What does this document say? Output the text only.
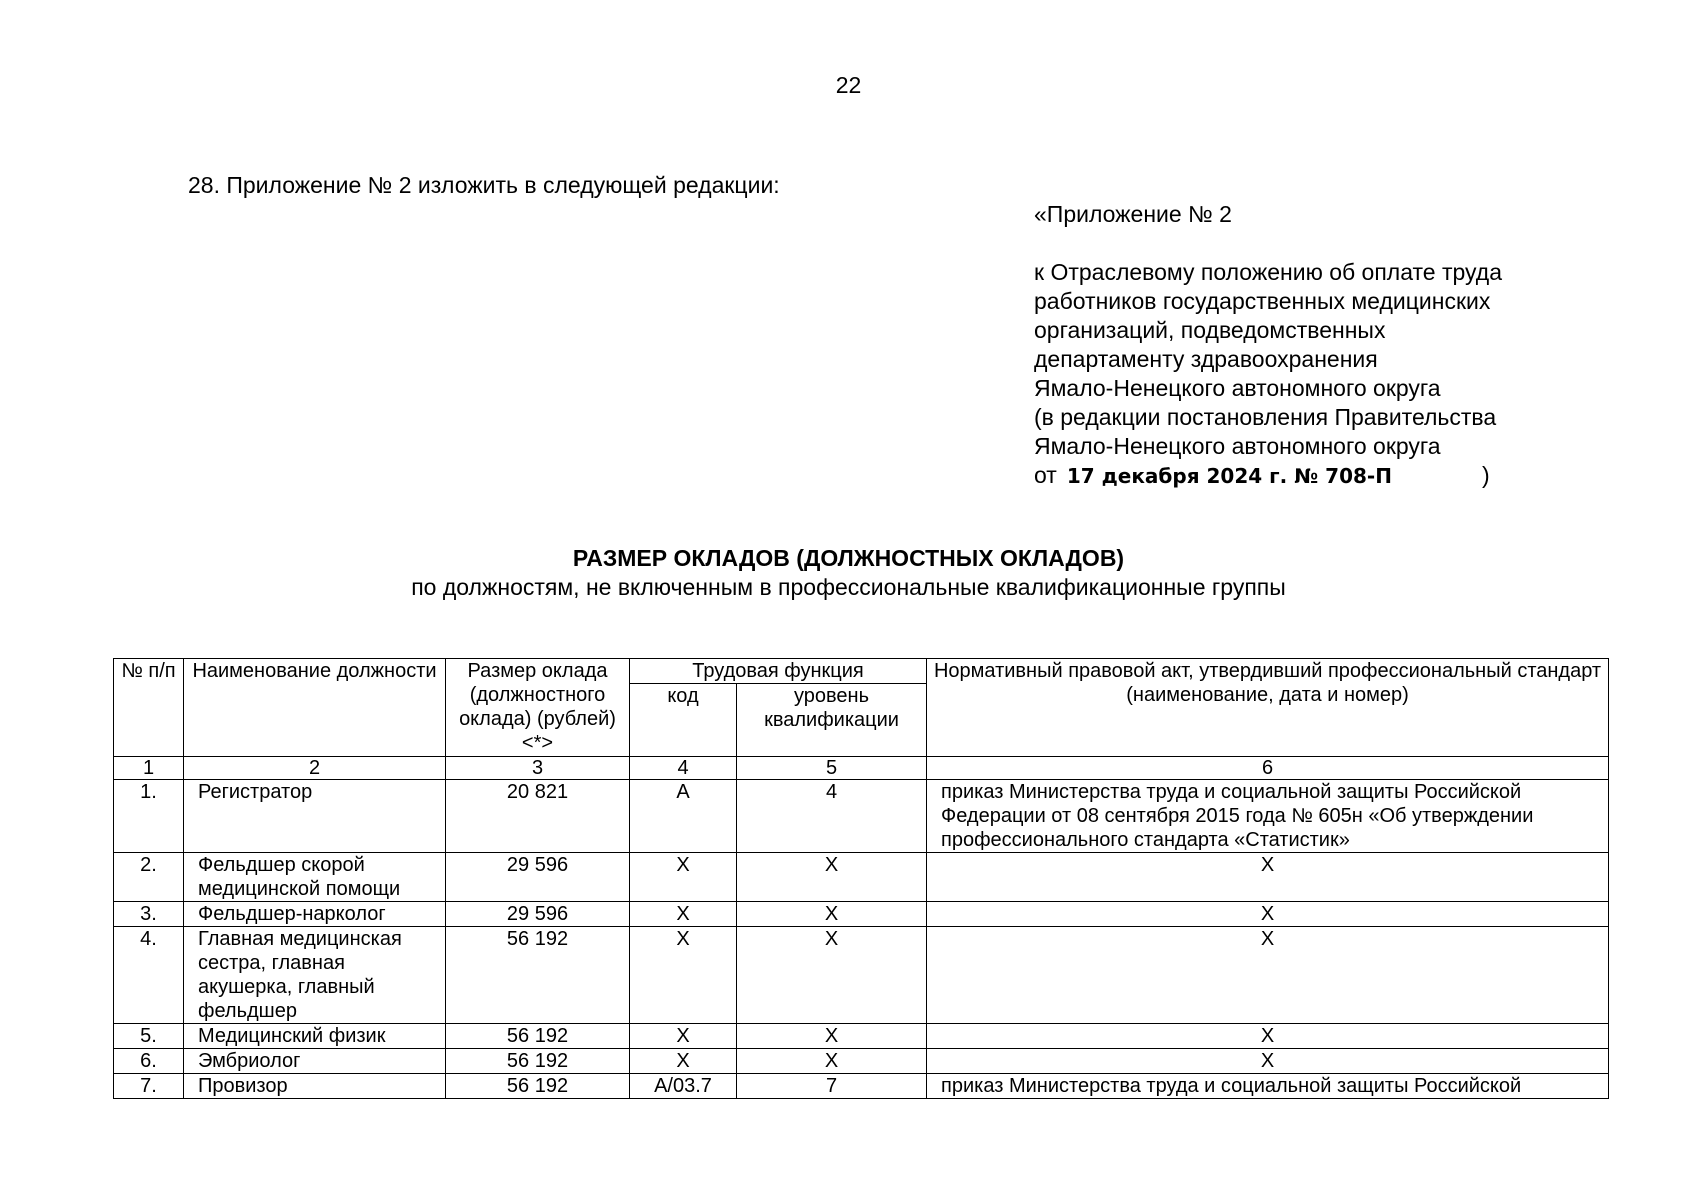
22
28. Приложение № 2 изложить в следующей редакции:
«Приложение № 2
к Отраслевому положению об оплате труда
работников государственных медицинских
организаций, подведомственных
департаменту здравоохранения
Ямало-Ненецкого автономного округа
(в редакции постановления Правительства
Ямало-Ненецкого автономного округа
от 17 декабря 2024 г. № 708-П	)
РАЗМЕР ОКЛАДОВ (ДОЛЖНОСТНЫХ ОКЛАДОВ)
по должностям, не включенным в профессиональные квалификационные группы
№ п/п	Наименование должности	Размер оклада (должностного оклада) (рублей) <*>	Трудовая функция		Нормативный правовой акт, утвердивший профессиональный стандарт (наименование, дата и номер)
			код	уровень квалификации	
1	2	3	4	5	6
1.	Регистратор	20 821	A	4	приказ Министерства труда и социальной защиты Российской Федерации от 08 сентября 2015 года № 605н «Об утверждении профессионального стандарта «Статистик»
2.	Фельдшер скорой медицинской помощи	29 596	X	X	X
3.	Фельдшер-нарколог	29 596	X	X	X
4.	Главная медицинская сестра, главная акушерка, главный фельдшер	56 192	X	X	X
5.	Медицинский физик	56 192	X	X	X
6.	Эмбриолог	56 192	X	X	X
7.	Провизор	56 192	A/03.7	7	приказ Министерства труда и социальной защиты Российской
